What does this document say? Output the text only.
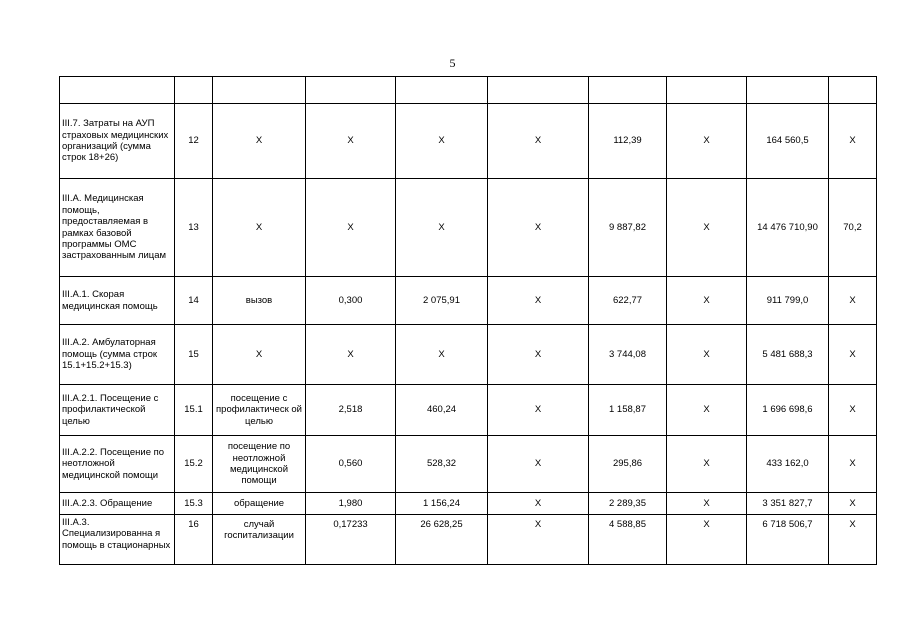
5

III.7. Затраты на АУП страховых медицинских организаций (сумма строк 18+26)	12	Х	Х	Х	Х	112,39	Х	164 560,5	Х
III.А. Медицинская помощь, предоставляемая в рамках базовой программы ОМС застрахованным лицам	13	Х	Х	Х	Х	9 887,82	Х	14 476 710,90	70,2
III.А.1. Скорая медицинская помощь	14	вызов	0,300	2 075,91	Х	622,77	Х	911 799,0	Х
III.А.2. Амбулаторная помощь (сумма строк 15.1+15.2+15.3)	15	Х	Х	Х	Х	3 744,08	Х	5 481 688,3	Х
III.А.2.1. Посещение с профилактической целью	15.1	посещение с профилактическ ой целью	2,518	460,24	Х	1 158,87	Х	1 696 698,6	Х
III.А.2.2. Посещение по неотложной медицинской помощи	15.2	посещение по неотложной медицинской помощи	0,560	528,32	Х	295,86	Х	433 162,0	Х
III.А.2.3. Обращение	15.3	обращение	1,980	1 156,24	Х	2 289,35	Х	3 351 827,7	Х
III.А.3. Специализированна я помощь в стационарных	16	случай госпитализации	0,17233	26 628,25	Х	4 588,85	Х	6 718 506,7	Х
